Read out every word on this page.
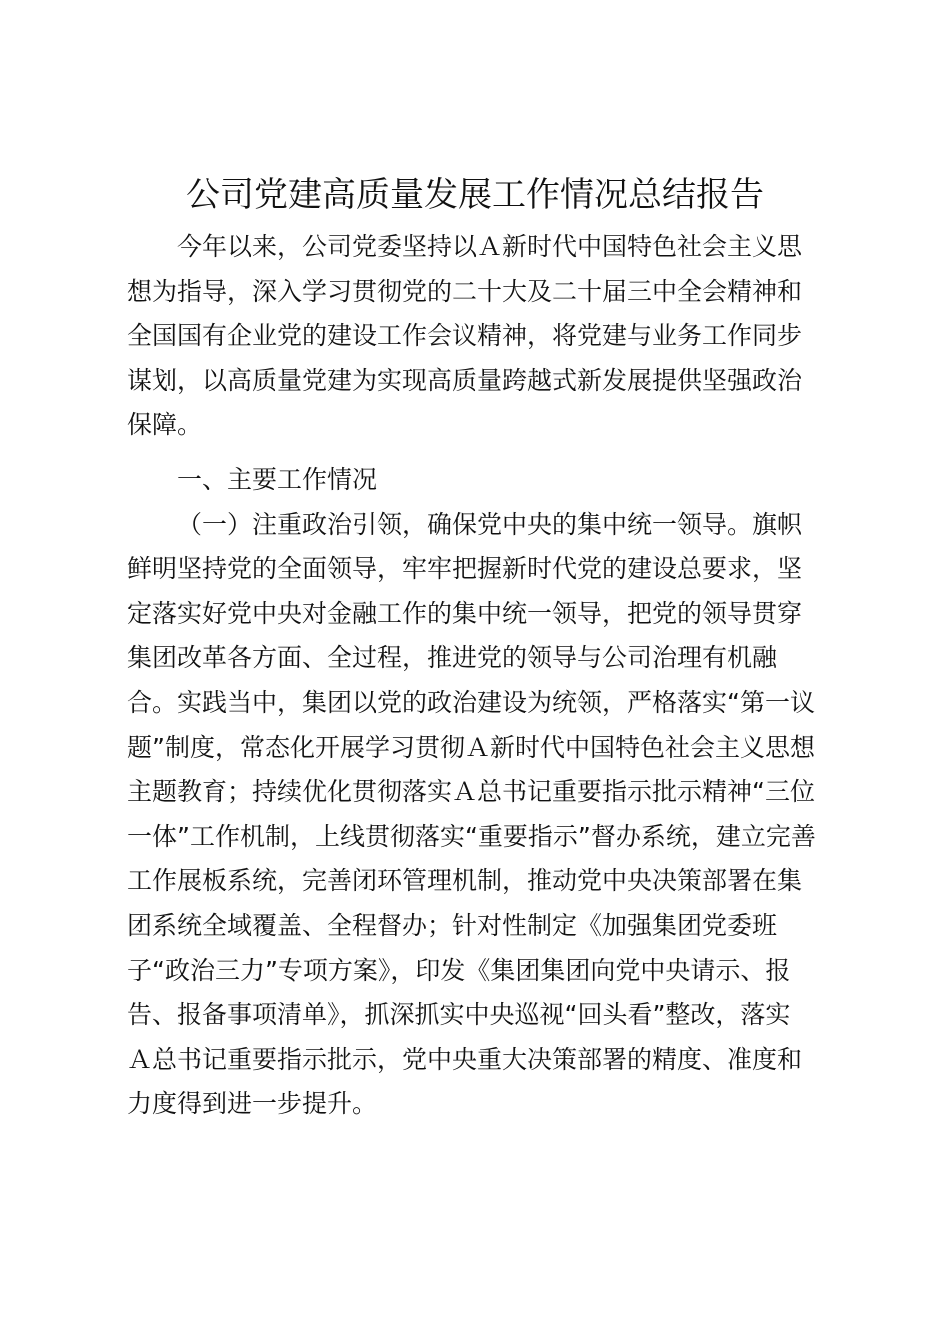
公司党建高质量发展工作情况总结报告
今年以来，公司党委坚持以Ａ新时代中国特色社会主义思
想为指导，深入学习贯彻党的二十大及二十届三中全会精神和
全国国有企业党的建设工作会议精神，将党建与业务工作同步
谋划，以高质量党建为实现高质量跨越式新发展提供坚强政治
保障。
一、主要工作情况
（一）注重政治引领，确保党中央的集中统一领导。旗帜
鲜明坚持党的全面领导，牢牢把握新时代党的建设总要求，坚
定落实好党中央对金融工作的集中统一领导，把党的领导贯穿
集团改革各方面、全过程，推进党的领导与公司治理有机融
合。实践当中，集团以党的政治建设为统领，严格落实“第一议
题”制度，常态化开展学习贯彻Ａ新时代中国特色社会主义思想
主题教育；持续优化贯彻落实Ａ总书记重要指示批示精神“三位
一体”工作机制，上线贯彻落实“重要指示”督办系统，建立完善
工作展板系统，完善闭环管理机制，推动党中央决策部署在集
团系统全域覆盖、全程督办；针对性制定《加强集团党委班
子“政治三力”专项方案》，印发《集团集团向党中央请示、报
告、报备事项清单》，抓深抓实中央巡视“回头看”整改，落实
Ａ总书记重要指示批示，党中央重大决策部署的精度、准度和
力度得到进一步提升。
